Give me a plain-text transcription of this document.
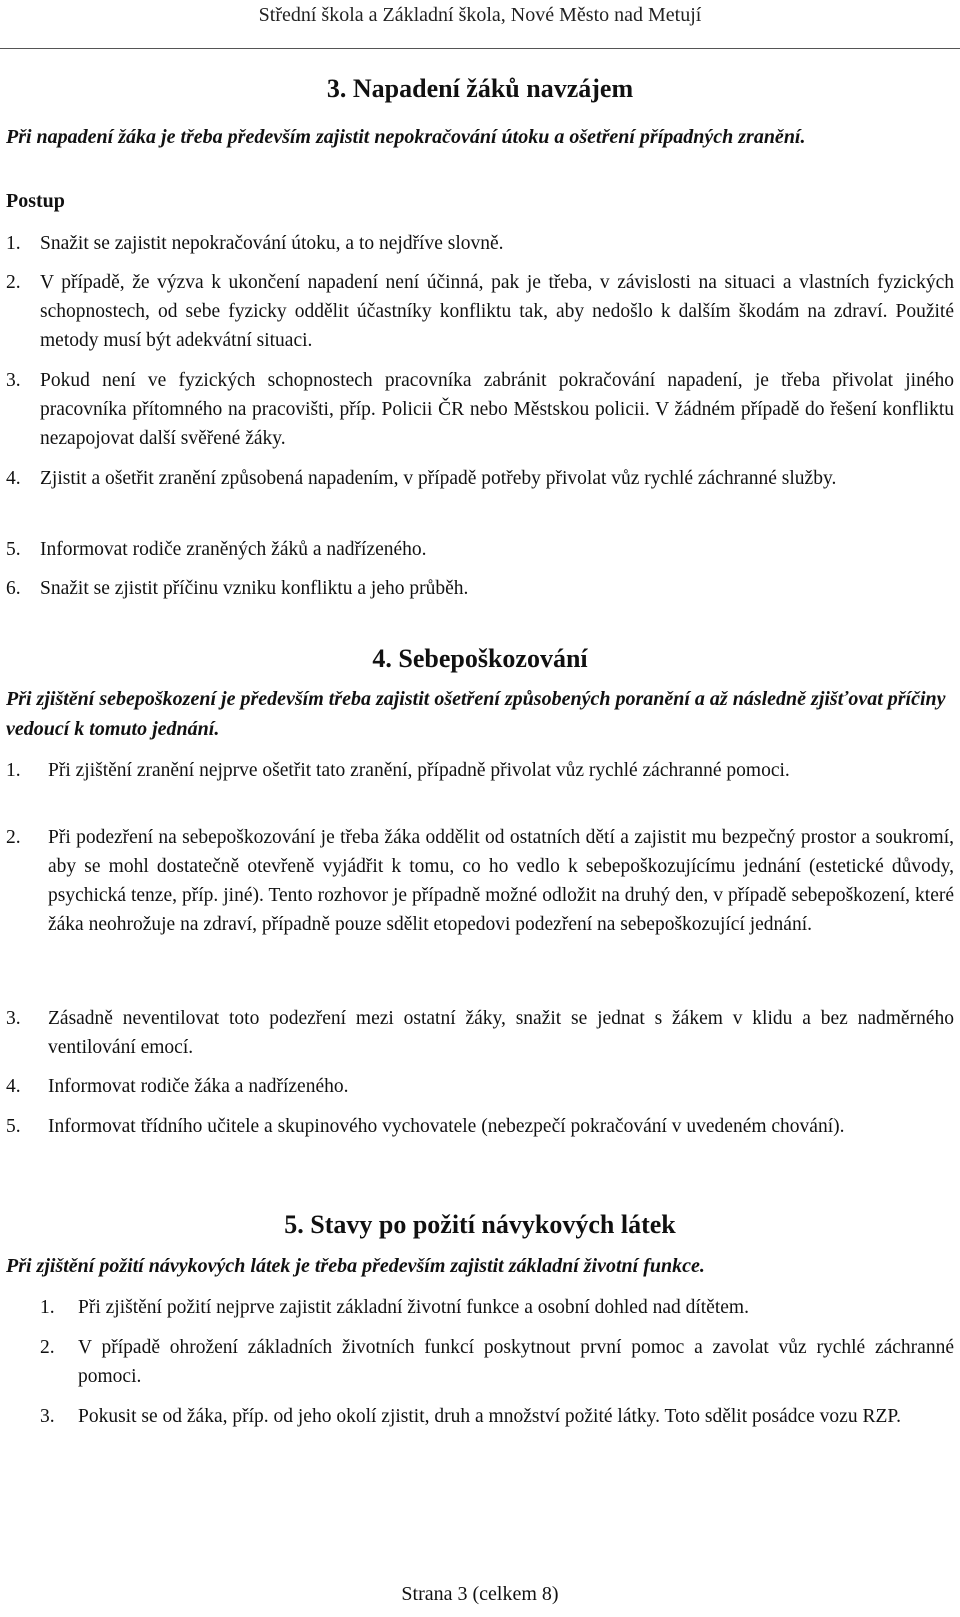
Střední škola a Základní škola, Nové Město nad Metují
3. Napadení žáků navzájem
Při napadení žáka je třeba především zajistit nepokračování útoku a ošetření případných zranění.
Postup
1. Snažit se zajistit nepokračování útoku, a to nejdříve slovně.
2. V případě, že výzva k ukončení napadení není účinná, pak je třeba, v závislosti na situaci a vlastních fyzických schopnostech, od sebe fyzicky oddělit účastníky konfliktu tak, aby nedošlo k dalším škodám na zdraví. Použité metody musí být adekvátní situaci.
3. Pokud není ve fyzických schopnostech pracovníka zabránit pokračování napadení, je třeba přivolat jiného pracovníka přítomného na pracovišti, příp. Policii ČR nebo Městskou policii. V žádném případě do řešení konfliktu nezapojovat další svěřené žáky.
4. Zjistit a ošetřit zranění způsobená napadením, v případě potřeby přivolat vůz rychlé záchranné služby.
5. Informovat rodiče zraněných žáků a nadřízeného.
6. Snažit se zjistit příčinu vzniku konfliktu a jeho průběh.
4. Sebepoškozování
Při zjištění sebepoškození je především třeba zajistit ošetření způsobených poranění a až následně zjišťovat příčiny vedoucí k tomuto jednání.
1. Při zjištění zranění nejprve ošetřit tato zranění, případně přivolat vůz rychlé záchranné pomoci.
2. Při podezření na sebepoškozování je třeba žáka oddělit od ostatních dětí a zajistit mu bezpečný prostor a soukromí, aby se mohl dostatečně otevřeně vyjádřit k tomu, co ho vedlo k sebepoškozujícímu jednání (estetické důvody, psychická tenze, příp. jiné). Tento rozhovor je případně možné odložit na druhý den, v případě sebepoškození, které žáka neohrožuje na zdraví, případně pouze sdělit etopedovi podezření na sebepoškozující jednání.
3. Zásadně neventilovat toto podezření mezi ostatní žáky, snažit se jednat s žákem v klidu a bez nadměrného ventilování emocí.
4. Informovat rodiče žáka a nadřízeného.
5. Informovat třídního učitele a skupinového vychovatele (nebezpečí pokračování v uvedeném chování).
5. Stavy po požití návykových látek
Při zjištění požití návykových látek je třeba především zajistit základní životní funkce.
1. Při zjištění požití nejprve zajistit základní životní funkce a osobní dohled nad dítětem.
2. V případě ohrožení základních životních funkcí poskytnout první pomoc a zavolat vůz rychlé záchranné pomoci.
3. Pokusit se od žáka, příp. od jeho okolí zjistit, druh a množství požité látky. Toto sdělit posádce vozu RZP.
Strana 3 (celkem 8)
